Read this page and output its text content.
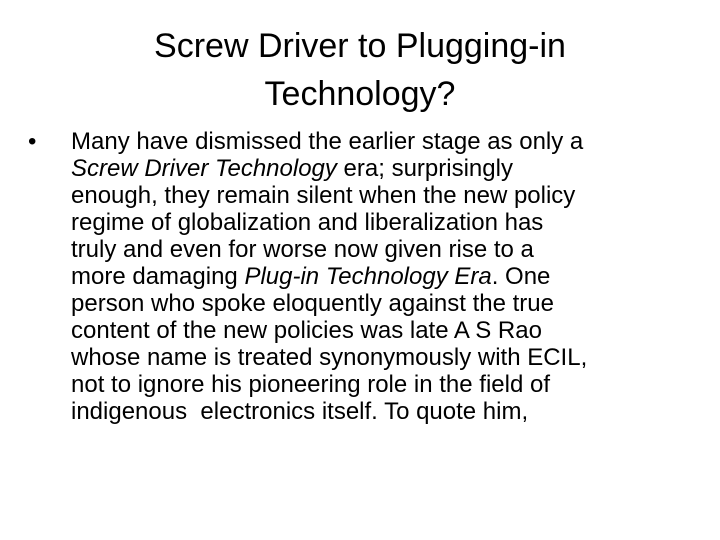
Screw Driver to Plugging-in
Technology?
• Many have dismissed the earlier stage as only a
Screw Driver Technology era; surprisingly
enough, they remain silent when the new policy
regime of globalization and liberalization has
truly and even for worse now given rise to a
more damaging Plug-in Technology Era. One
person who spoke eloquently against the true
content of the new policies was late A S Rao
whose name is treated synonymously with ECIL,
not to ignore his pioneering role in the field of
indigenous  electronics itself. To quote him,
